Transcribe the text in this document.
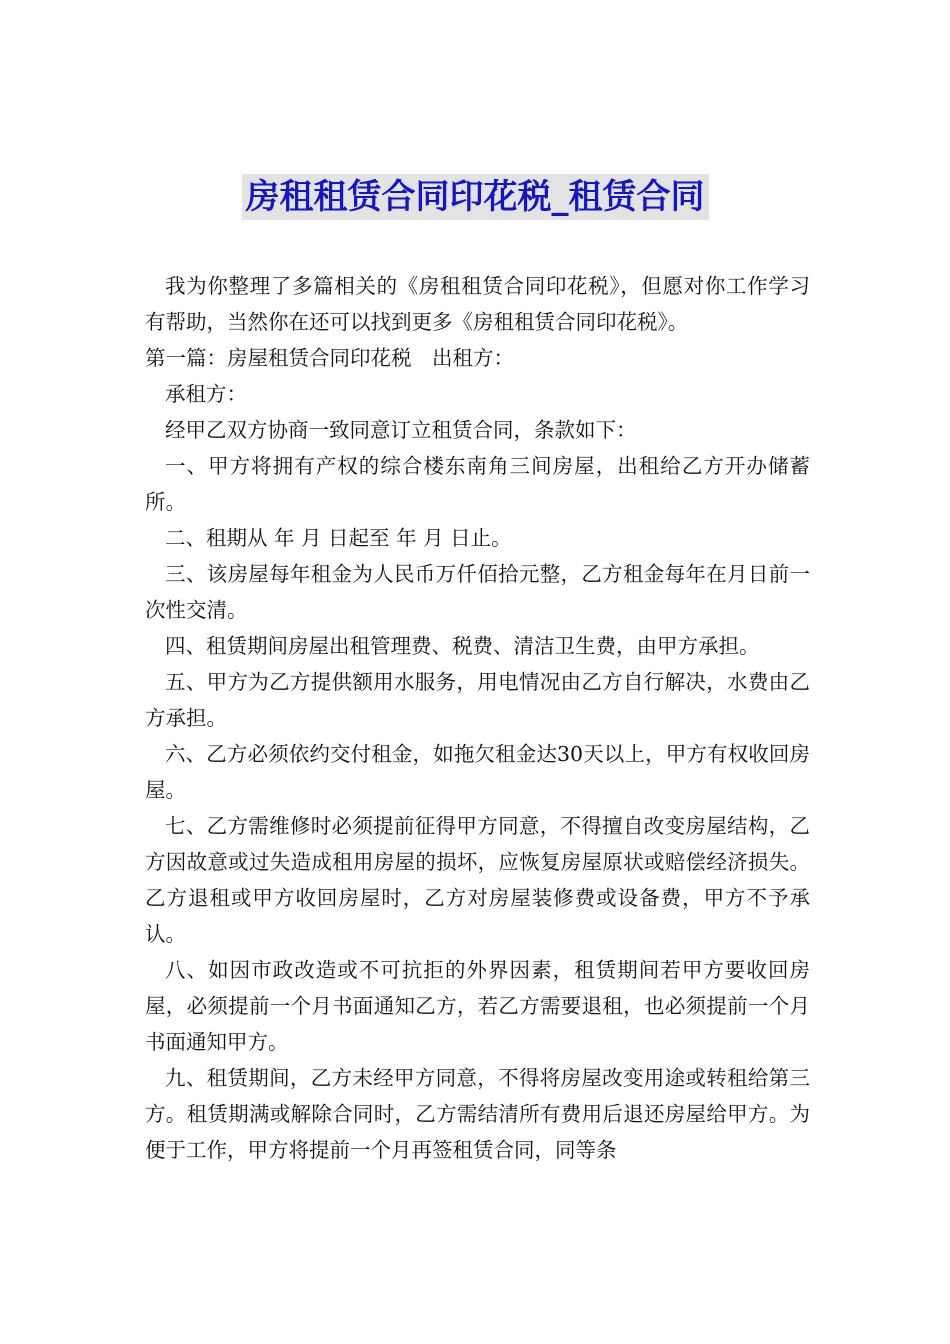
房租租赁合同印花税_租赁合同

我为你整理了多篇相关的《房租租赁合同印花税》，但愿对你工作学习有帮助，当然你在还可以找到更多《房租租赁合同印花税》。

第一篇：房屋租赁合同印花税　出租方：

承租方：

经甲乙双方协商一致同意订立租赁合同，条款如下：

一、甲方将拥有产权的综合楼东南角三间房屋，出租给乙方开办储蓄所。

二、租期从 年 月 日起至 年 月 日止。

三、该房屋每年租金为人民币万仟佰拾元整，乙方租金每年在月日前一次性交清。

四、租赁期间房屋出租管理费、税费、清洁卫生费，由甲方承担。

五、甲方为乙方提供额用水服务，用电情况由乙方自行解决，水费由乙方承担。

六、乙方必须依约交付租金，如拖欠租金达30天以上，甲方有权收回房屋。

七、乙方需维修时必须提前征得甲方同意，不得擅自改变房屋结构，乙方因故意或过失造成租用房屋的损坏，应恢复房屋原状或赔偿经济损失。乙方退租或甲方收回房屋时，乙方对房屋装修费或设备费，甲方不予承认。

八、如因市政改造或不可抗拒的外界因素，租赁期间若甲方要收回房屋，必须提前一个月书面通知乙方，若乙方需要退租，也必须提前一个月书面通知甲方。

九、租赁期间，乙方未经甲方同意，不得将房屋改变用途或转租给第三方。租赁期满或解除合同时，乙方需结清所有费用后退还房屋给甲方。为便于工作，甲方将提前一个月再签租赁合同，同等条
